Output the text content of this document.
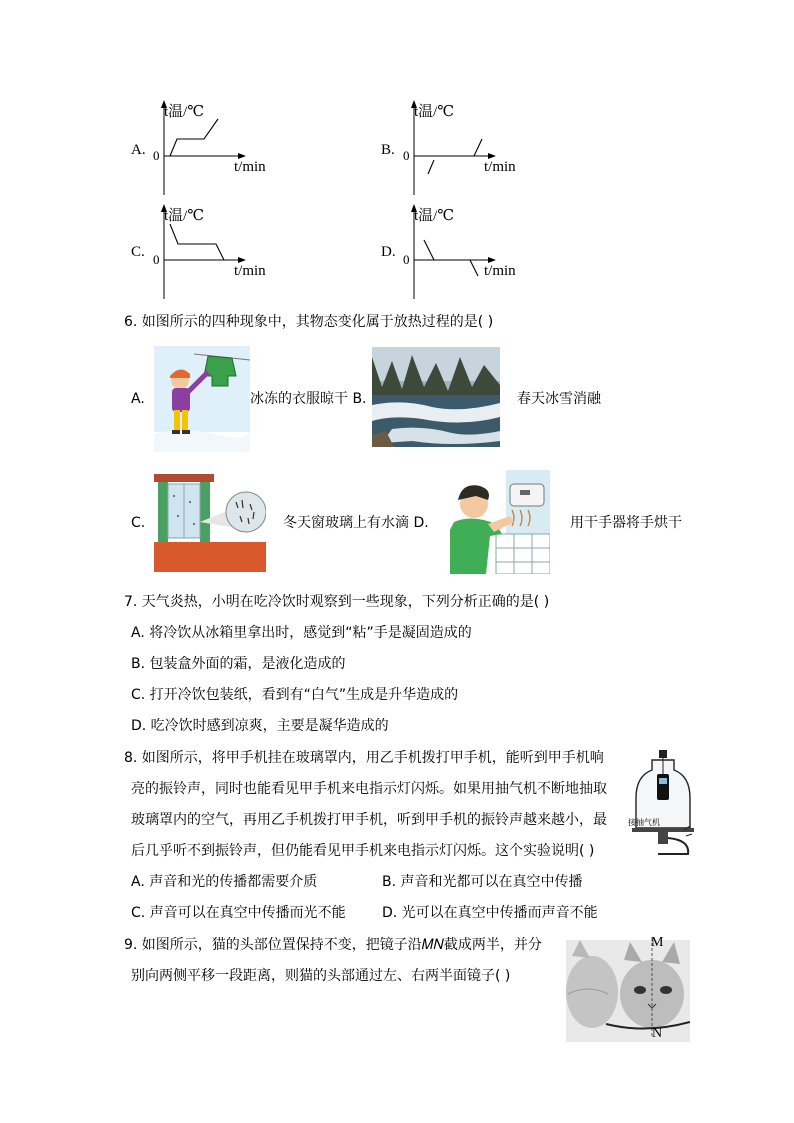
A.
t温/℃
0
t/min
B.
t温/℃
0
t/min
C.
t温/℃
0
t/min
D.
t温/℃
0
t/min
6. 如图所示的四种现象中，其物态变化属于放热过程的是( )
A.	冰冻的衣服晾干 B.	春天冰雪消融
C.	冬天窗玻璃上有水滴 D.	用干手器将手烘干
7. 天气炎热，小明在吃冷饮时观察到一些现象，下列分析正确的是( )
A. 将冷饮从冰箱里拿出时，感觉到“粘”手是凝固造成的
B. 包装盒外面的霜，是液化造成的
C. 打开冷饮包装纸，看到有“白气”生成是升华造成的
D. 吃冷饮时感到凉爽，主要是凝华造成的
8. 如图所示，将甲手机挂在玻璃罩内，用乙手机拨打甲手机，能听到甲手机响
亮的振铃声，同时也能看见甲手机来电指示灯闪烁。如果用抽气机不断地抽取
玻璃罩内的空气，再用乙手机拨打甲手机，听到甲手机的振铃声越来越小，最
后几乎听不到振铃声，但仍能看见甲手机来电指示灯闪烁。这个实验说明( )
A. 声音和光的传播都需要介质	B. 声音和光都可以在真空中传播
C. 声音可以在真空中传播而光不能	D. 光可以在真空中传播而声音不能
接抽气机
9. 如图所示，猫的头部位置保持不变，把镜子沿𝑀𝑁截成两半，并分
别向两侧平移一段距离，则猫的头部通过左、右两半面镜子( )
M
N
